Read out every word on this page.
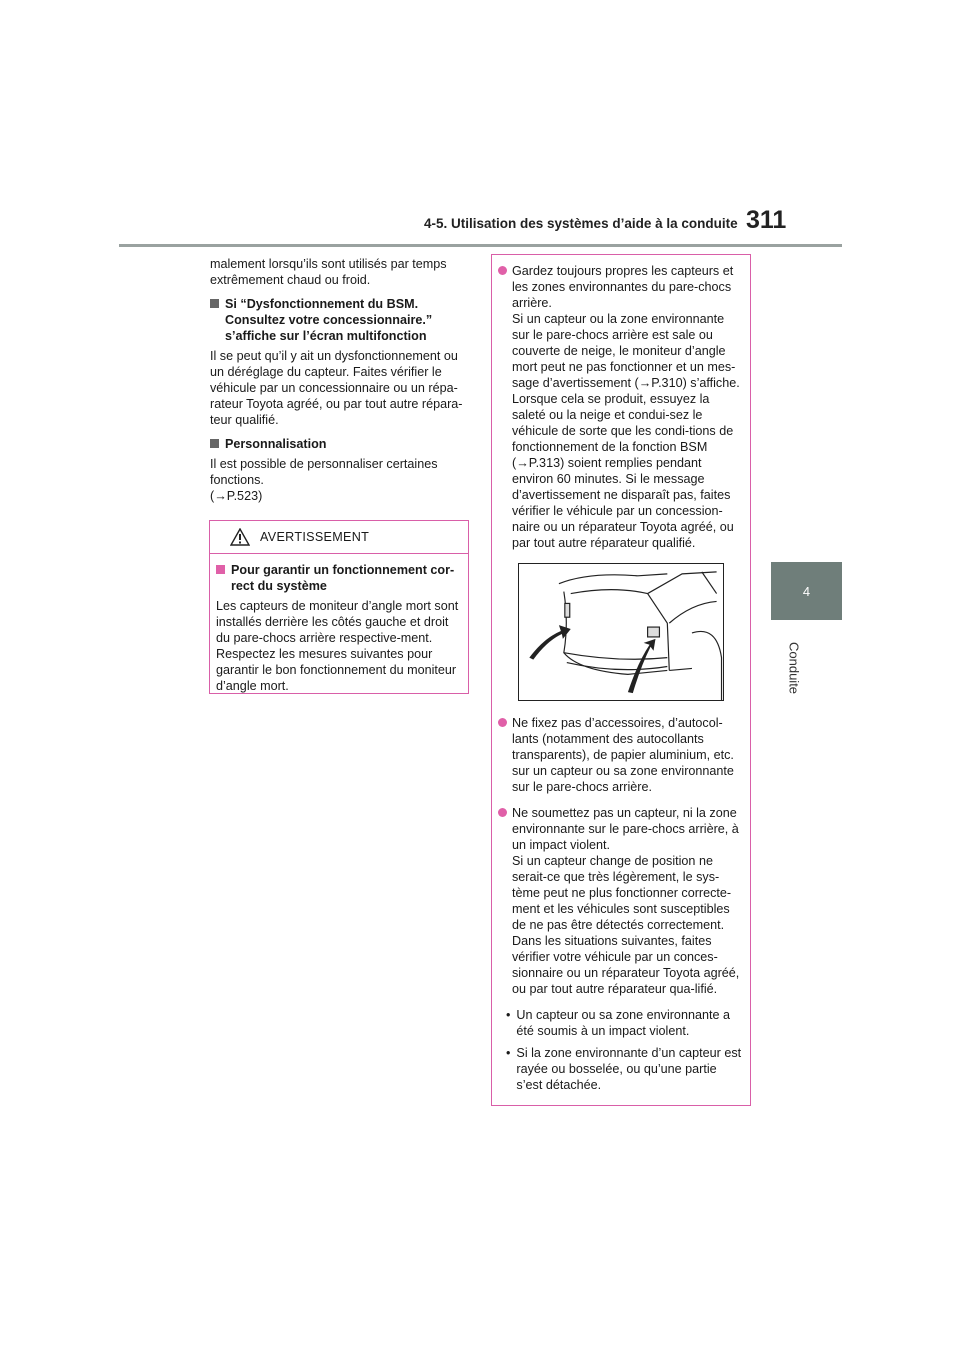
4-5. Utilisation des systèmes d’aide à la conduite 311
4
Conduite

malement lorsqu’ils sont utilisés par temps extrêmement chaud ou froid.

Si “Dysfonctionnement du BSM. Consultez votre concessionnaire.” s’affiche sur l’écran multifonction

Il se peut qu’il y ait un dysfonctionnement ou un déréglage du capteur. Faites vérifier le véhicule par un concessionnaire ou un répa-rateur Toyota agréé, ou par tout autre répara-teur qualifié.

Personnalisation

Il est possible de personnaliser certaines fonctions.

(→P.523)

AVERTISSEMENT
Pour garantir un fonctionnement cor-rect du système

Les capteurs de moniteur d’angle mort sont installés derrière les côtés gauche et droit du pare-chocs arrière respective-ment. Respectez les mesures suivantes pour garantir le bon fonctionnement du moniteur d’angle mort.

Gardez toujours propres les capteurs et les zones environnantes du pare-chocs arrière.
Si un capteur ou la zone environnante sur le pare-chocs arrière est sale ou couverte de neige, le moniteur d’angle mort peut ne pas fonctionner et un mes-sage d’avertissement (→P.310) s’affiche. Lorsque cela se produit, essuyez la saleté ou la neige et condui-sez le véhicule de sorte que les condi-tions de fonctionnement de la fonction BSM (→P.313) soient remplies pendant environ 60 minutes. Si le message d’avertissement ne disparaît pas, faites vérifier le véhicule par un concession-naire ou un réparateur Toyota agréé, ou par tout autre réparateur qualifié.
Ne fixez pas d’accessoires, d’autocol-lants (notamment des autocollants transparents), de papier aluminium, etc. sur un capteur ou sa zone environnante sur le pare-chocs arrière.
Ne soumettez pas un capteur, ni la zone environnante sur le pare-chocs arrière, à un impact violent.
Si un capteur change de position ne serait-ce que très légèrement, le sys-tème peut ne plus fonctionner correcte-ment et les véhicules sont susceptibles de ne pas être détectés correctement. Dans les situations suivantes, faites vérifier votre véhicule par un conces-sionnaire ou un réparateur Toyota agréé, ou par tout autre réparateur qua-lifié.
• Un capteur ou sa zone environnante a été soumis à un impact violent.
• Si la zone environnante d’un capteur est rayée ou bosselée, ou qu’une partie s’est détachée.
